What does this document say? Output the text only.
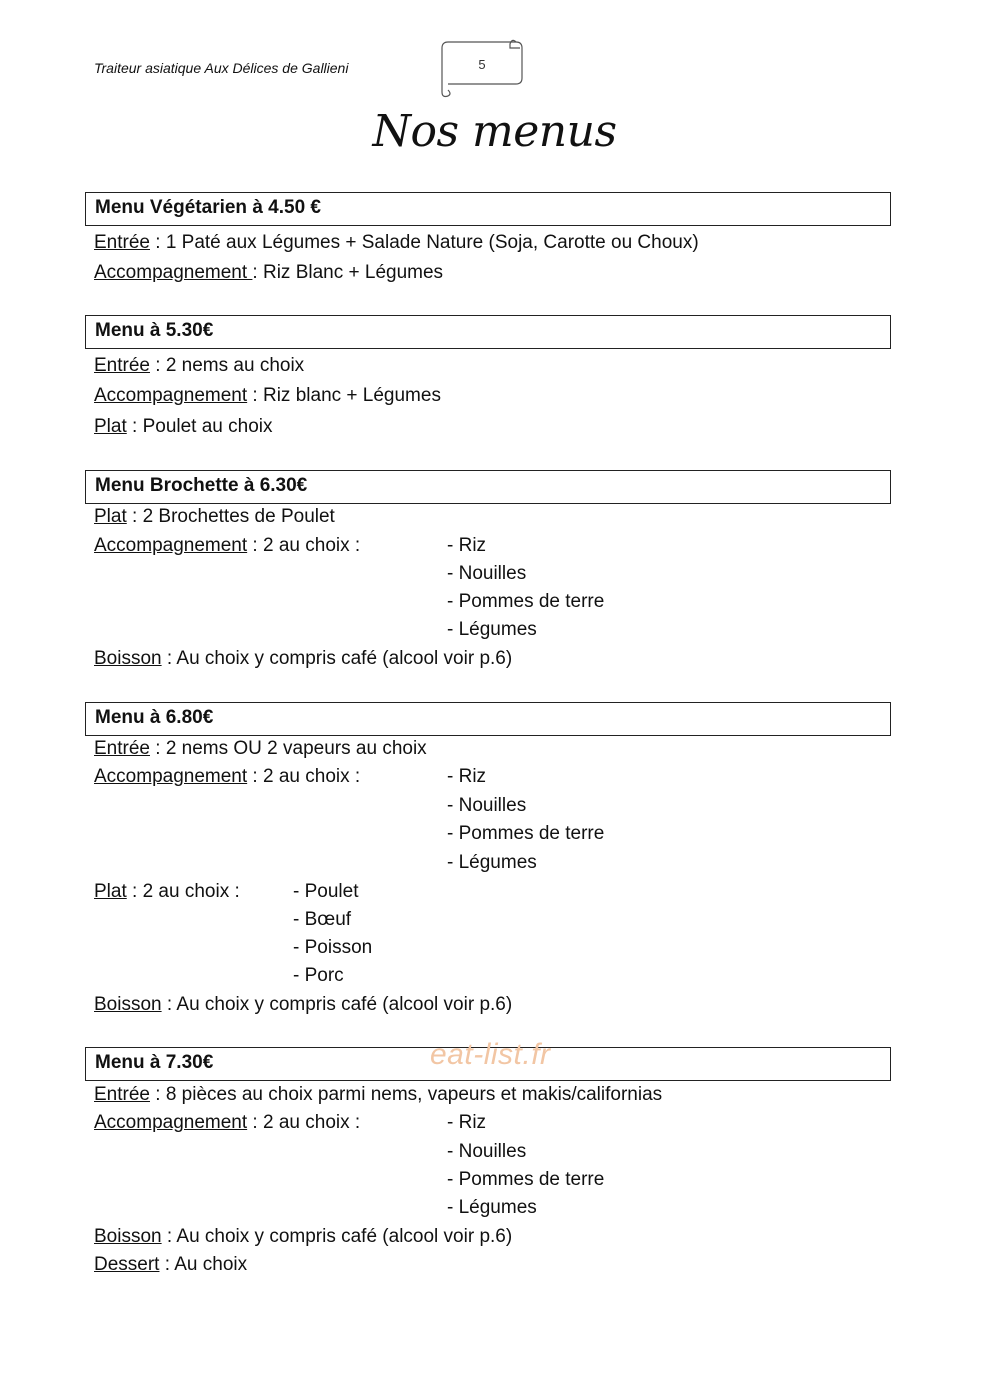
Traiteur asiatique Aux Délices de Gallieni	5
Nos menus
Menu Végétarien à 4.50 €
Entrée : 1 Paté aux Légumes + Salade Nature (Soja, Carotte ou Choux)
Accompagnement : Riz Blanc + Légumes
Menu à 5.30€
Entrée : 2 nems au choix
Accompagnement : Riz blanc + Légumes
Plat : Poulet au choix
Menu Brochette à 6.30€
Plat : 2 Brochettes de Poulet
Accompagnement : 2 au choix :	- Riz
- Nouilles
- Pommes de terre
- Légumes
Boisson : Au choix y compris café (alcool voir p.6)
Menu à 6.80€
Entrée : 2 nems OU 2 vapeurs au choix
Accompagnement : 2 au choix :	- Riz
- Nouilles
- Pommes de terre
- Légumes
Plat : 2 au choix :	- Poulet
- Bœuf
- Poisson
- Porc
Boisson : Au choix y compris café (alcool voir p.6)
Menu à 7.30€
Entrée : 8 pièces au choix parmi nems, vapeurs et makis/californias
Accompagnement : 2 au choix :	- Riz
- Nouilles
- Pommes de terre
- Légumes
Boisson : Au choix y compris café (alcool voir p.6)
Dessert : Au choix
eat-list.fr
